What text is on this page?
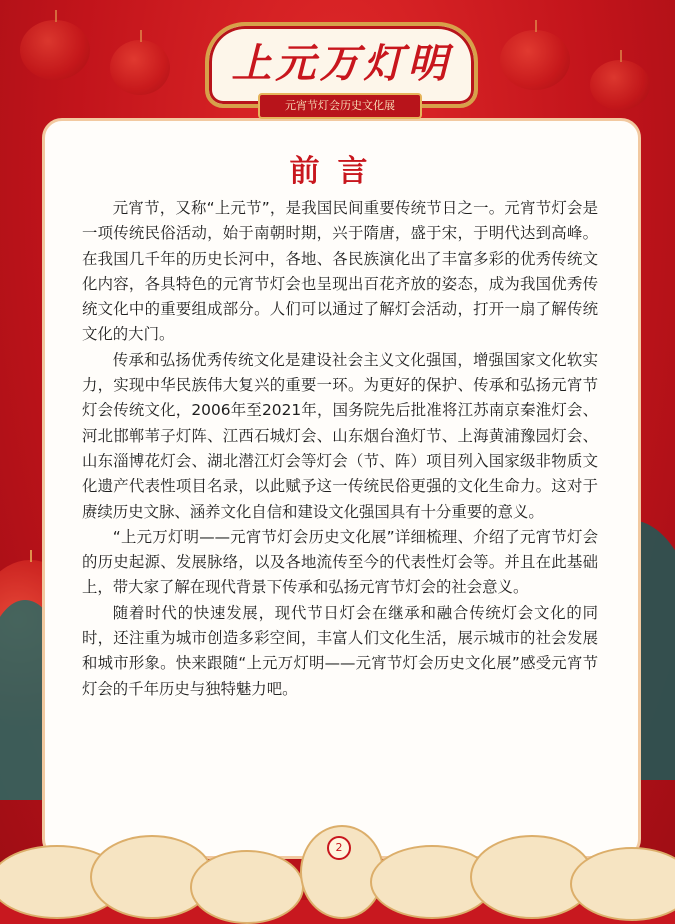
上元万灯明
元宵节灯会历史文化展
前言

元宵节，又称“上元节”，是我国民间重要传统节日之一。元宵节灯会是一项传统民俗活动，始于南朝时期，兴于隋唐，盛于宋，于明代达到高峰。在我国几千年的历史长河中，各地、各民族演化出了丰富多彩的优秀传统文化内容，各具特色的元宵节灯会也呈现出百花齐放的姿态，成为我国优秀传统文化中的重要组成部分。人们可以通过了解灯会活动，打开一扇了解传统文化的大门。

传承和弘扬优秀传统文化是建设社会主义文化强国，增强国家文化软实力，实现中华民族伟大复兴的重要一环。为更好的保护、传承和弘扬元宵节灯会传统文化，2006年至2021年，国务院先后批准将江苏南京秦淮灯会、河北邯郸苇子灯阵、江西石城灯会、山东烟台渔灯节、上海黄浦豫园灯会、山东淄博花灯会、湖北潜江灯会等灯会（节、阵）项目列入国家级非物质文化遗产代表性项目名录，以此赋予这一传统民俗更强的文化生命力。这对于赓续历史文脉、涵养文化自信和建设文化强国具有十分重要的意义。

“上元万灯明——元宵节灯会历史文化展”详细梳理、介绍了元宵节灯会的历史起源、发展脉络，以及各地流传至今的代表性灯会等。并且在此基础上，带大家了解在现代背景下传承和弘扬元宵节灯会的社会意义。

随着时代的快速发展，现代节日灯会在继承和融合传统灯会文化的同时，还注重为城市创造多彩空间，丰富人们文化生活，展示城市的社会发展和城市形象。快来跟随“上元万灯明——元宵节灯会历史文化展”感受元宵节灯会的千年历史与独特魅力吧。

2
